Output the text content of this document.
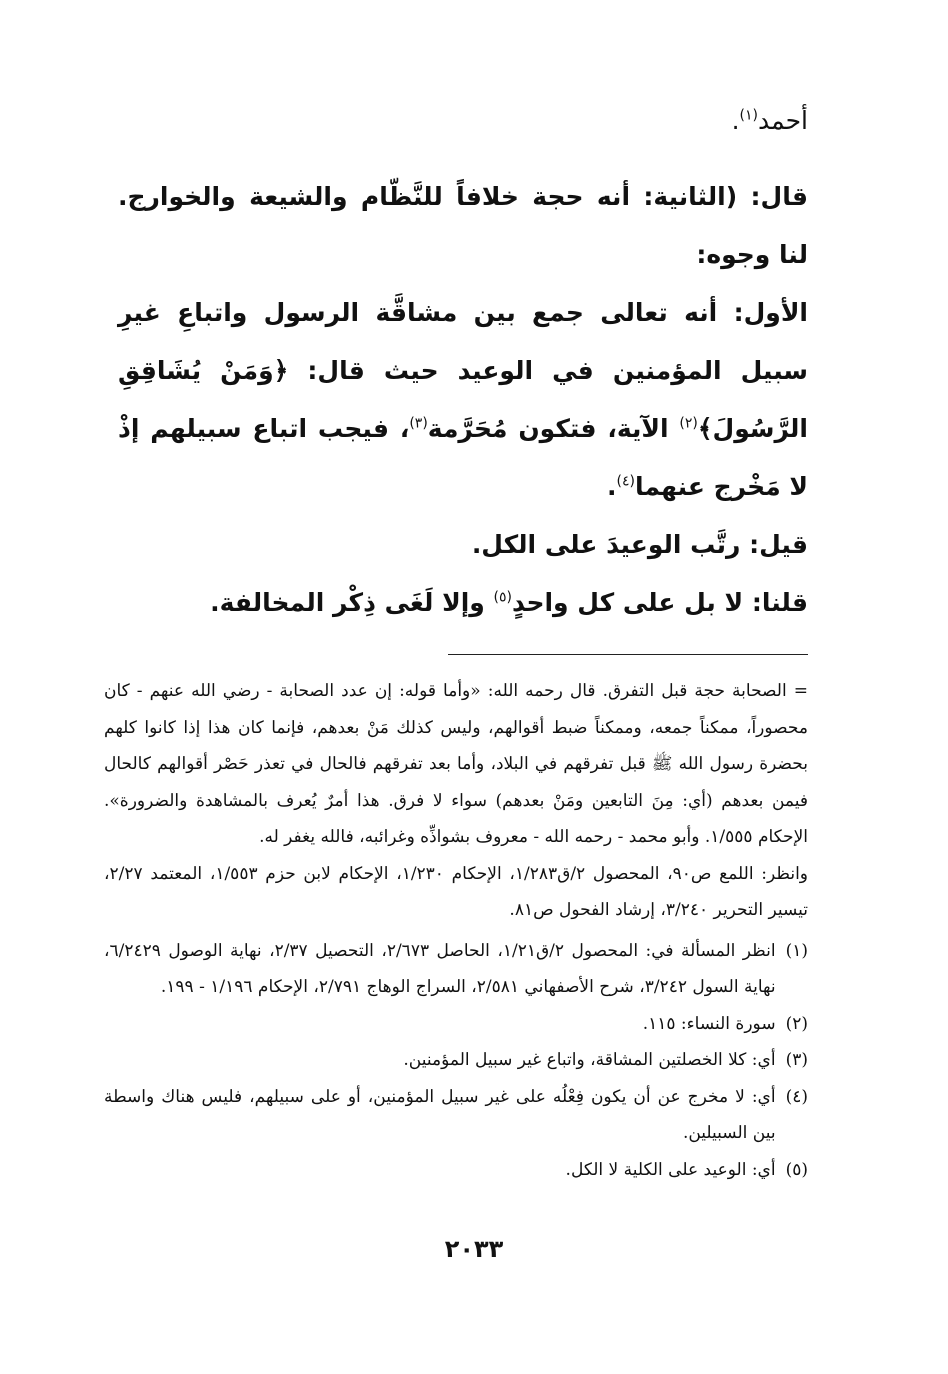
أحمد$^{(١)}$.

قال: (الثانية: أنه حجة خلافاً للنَّظّام والشيعة والخوارج. لنا وجوه:

الأول: أنه تعالى جمع بين مشاقَّة الرسول واتباعِ غيرِ سبيل المؤمنين في الوعيد حيث قال: ﴿وَمَنْ يُشَاقِقِ الرَّسُولَ﴾$^{(٢)}$ الآية، فتكون مُحَرَّمة$^{(٣)}$، فيجب اتباع سبيلهم إذْ لا مَخْرج عنهما$^{(٤)}$.

قيل: رتَّب الوعيدَ على الكل.

قلنا: لا بل على كل واحدٍ$^{(٥)}$ وإلا لَغَى ذِكْر المخالفة.

= الصحابة حجة قبل التفرق. قال رحمه الله: «وأما قوله: إن عدد الصحابة - رضي الله عنهم - كان محصوراً، ممكناً جمعه، وممكناً ضبط أقوالهم، وليس كذلك مَنْ بعدهم، فإنما كان هذا إذا كانوا كلهم بحضرة رسول الله ﷺ قبل تفرقهم في البلاد، وأما بعد تفرقهم فالحال في تعذر حَصْر أقوالهم كالحال فيمن بعدهم (أي: مِنَ التابعين ومَنْ بعدهم) سواء لا فرق. هذا أمرٌ يُعرف بالمشاهدة والضرورة». الإحكام ١/٥٥٥. وأبو محمد - رحمه الله - معروف بشواذِّه وغرائبه، فالله يغفر له.

وانظر: اللمع ص٩٠، المحصول ٢/ق١/٢٨٣، الإحكام ١/٢٣٠، الإحكام لابن حزم ١/٥٥٣، المعتمد ٢/٢٧، تيسير التحرير ٣/٢٤٠، إرشاد الفحول ص٨١.

(١)
انظر المسألة في: المحصول ٢/ق١/٢١، الحاصل ٢/٦٧٣، التحصيل ٢/٣٧، نهاية الوصول ٦/٢٤٢٩، نهاية السول ٣/٢٤٢، شرح الأصفهاني ٢/٥٨١، السراج الوهاج ٢/٧٩١، الإحكام ١/١٩٦ - ١٩٩.
(٢)
سورة النساء: ١١٥.
(٣)
أي: كلا الخصلتين المشاقة، واتباع غير سبيل المؤمنين.
(٤)
أي: لا مخرج عن أن يكون فِعْلُه على غير سبيل المؤمنين، أو على سبيلهم، فليس هناك واسطة بين السبيلين.
(٥)
أي: الوعيد على الكلية لا الكل.
٢٠٣٣
